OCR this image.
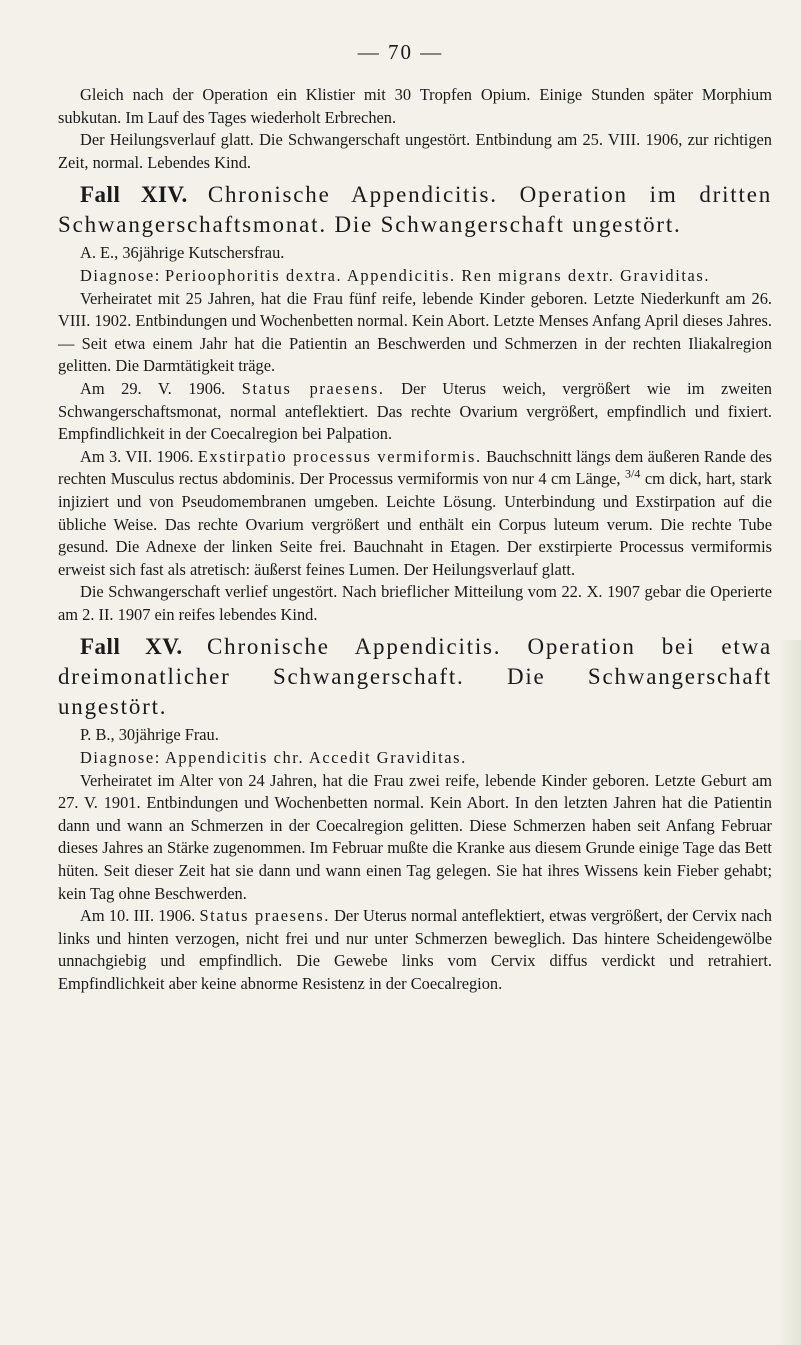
— 70 —

Gleich nach der Operation ein Klistier mit 30 Tropfen Opium. Einige Stunden später Morphium subkutan. Im Lauf des Tages wiederholt Erbrechen.

Der Heilungsverlauf glatt. Die Schwangerschaft ungestört. Entbindung am 25. VIII. 1906, zur richtigen Zeit, normal. Lebendes Kind.

Fall XIV. Chronische Appendicitis. Operation im dritten Schwangerschaftsmonat. Die Schwangerschaft ungestört.

A. E., 36jährige Kutschersfrau.

Diagnose: Perioophoritis dextra. Appendicitis. Ren migrans dextr. Graviditas.

Verheiratet mit 25 Jahren, hat die Frau fünf reife, lebende Kinder geboren. Letzte Niederkunft am 26. VIII. 1902. Entbindungen und Wochenbetten normal. Kein Abort. Letzte Menses Anfang April dieses Jahres. — Seit etwa einem Jahr hat die Patientin an Beschwerden und Schmerzen in der rechten Iliakalregion gelitten. Die Darmtätigkeit träge.

Am 29. V. 1906. Status praesens. Der Uterus weich, vergrößert wie im zweiten Schwangerschaftsmonat, normal anteflektiert. Das rechte Ovarium vergrößert, empfindlich und fixiert. Empfindlichkeit in der Coecalregion bei Palpation.

Am 3. VII. 1906. Exstirpatio processus vermiformis. Bauchschnitt längs dem äußeren Rande des rechten Musculus rectus abdominis. Der Processus vermiformis von nur 4 cm Länge, $^{3/4}$ cm dick, hart, stark injiziert und von Pseudomembranen umgeben. Leichte Lösung. Unterbindung und Exstirpation auf die übliche Weise. Das rechte Ovarium vergrößert und enthält ein Corpus luteum verum. Die rechte Tube gesund. Die Adnexe der linken Seite frei. Bauchnaht in Etagen. Der exstirpierte Processus vermiformis erweist sich fast als atretisch: äußerst feines Lumen. Der Heilungsverlauf glatt.

Die Schwangerschaft verlief ungestört. Nach brieflicher Mitteilung vom 22. X. 1907 gebar die Operierte am 2. II. 1907 ein reifes lebendes Kind.

Fall XV. Chronische Appendicitis. Operation bei etwa dreimonatlicher Schwangerschaft. Die Schwangerschaft ungestört.

P. B., 30jährige Frau.

Diagnose: Appendicitis chr. Accedit Graviditas.

Verheiratet im Alter von 24 Jahren, hat die Frau zwei reife, lebende Kinder geboren. Letzte Geburt am 27. V. 1901. Entbindungen und Wochenbetten normal. Kein Abort. In den letzten Jahren hat die Patientin dann und wann an Schmerzen in der Coecalregion gelitten. Diese Schmerzen haben seit Anfang Februar dieses Jahres an Stärke zugenommen. Im Februar mußte die Kranke aus diesem Grunde einige Tage das Bett hüten. Seit dieser Zeit hat sie dann und wann einen Tag gelegen. Sie hat ihres Wissens kein Fieber gehabt; kein Tag ohne Beschwerden.

Am 10. III. 1906. Status praesens. Der Uterus normal anteflektiert, etwas vergrößert, der Cervix nach links und hinten verzogen, nicht frei und nur unter Schmerzen beweglich. Das hintere Scheidengewölbe unnachgiebig und empfindlich. Die Gewebe links vom Cervix diffus verdickt und retrahiert. Empfindlichkeit aber keine abnorme Resistenz in der Coecalregion.
